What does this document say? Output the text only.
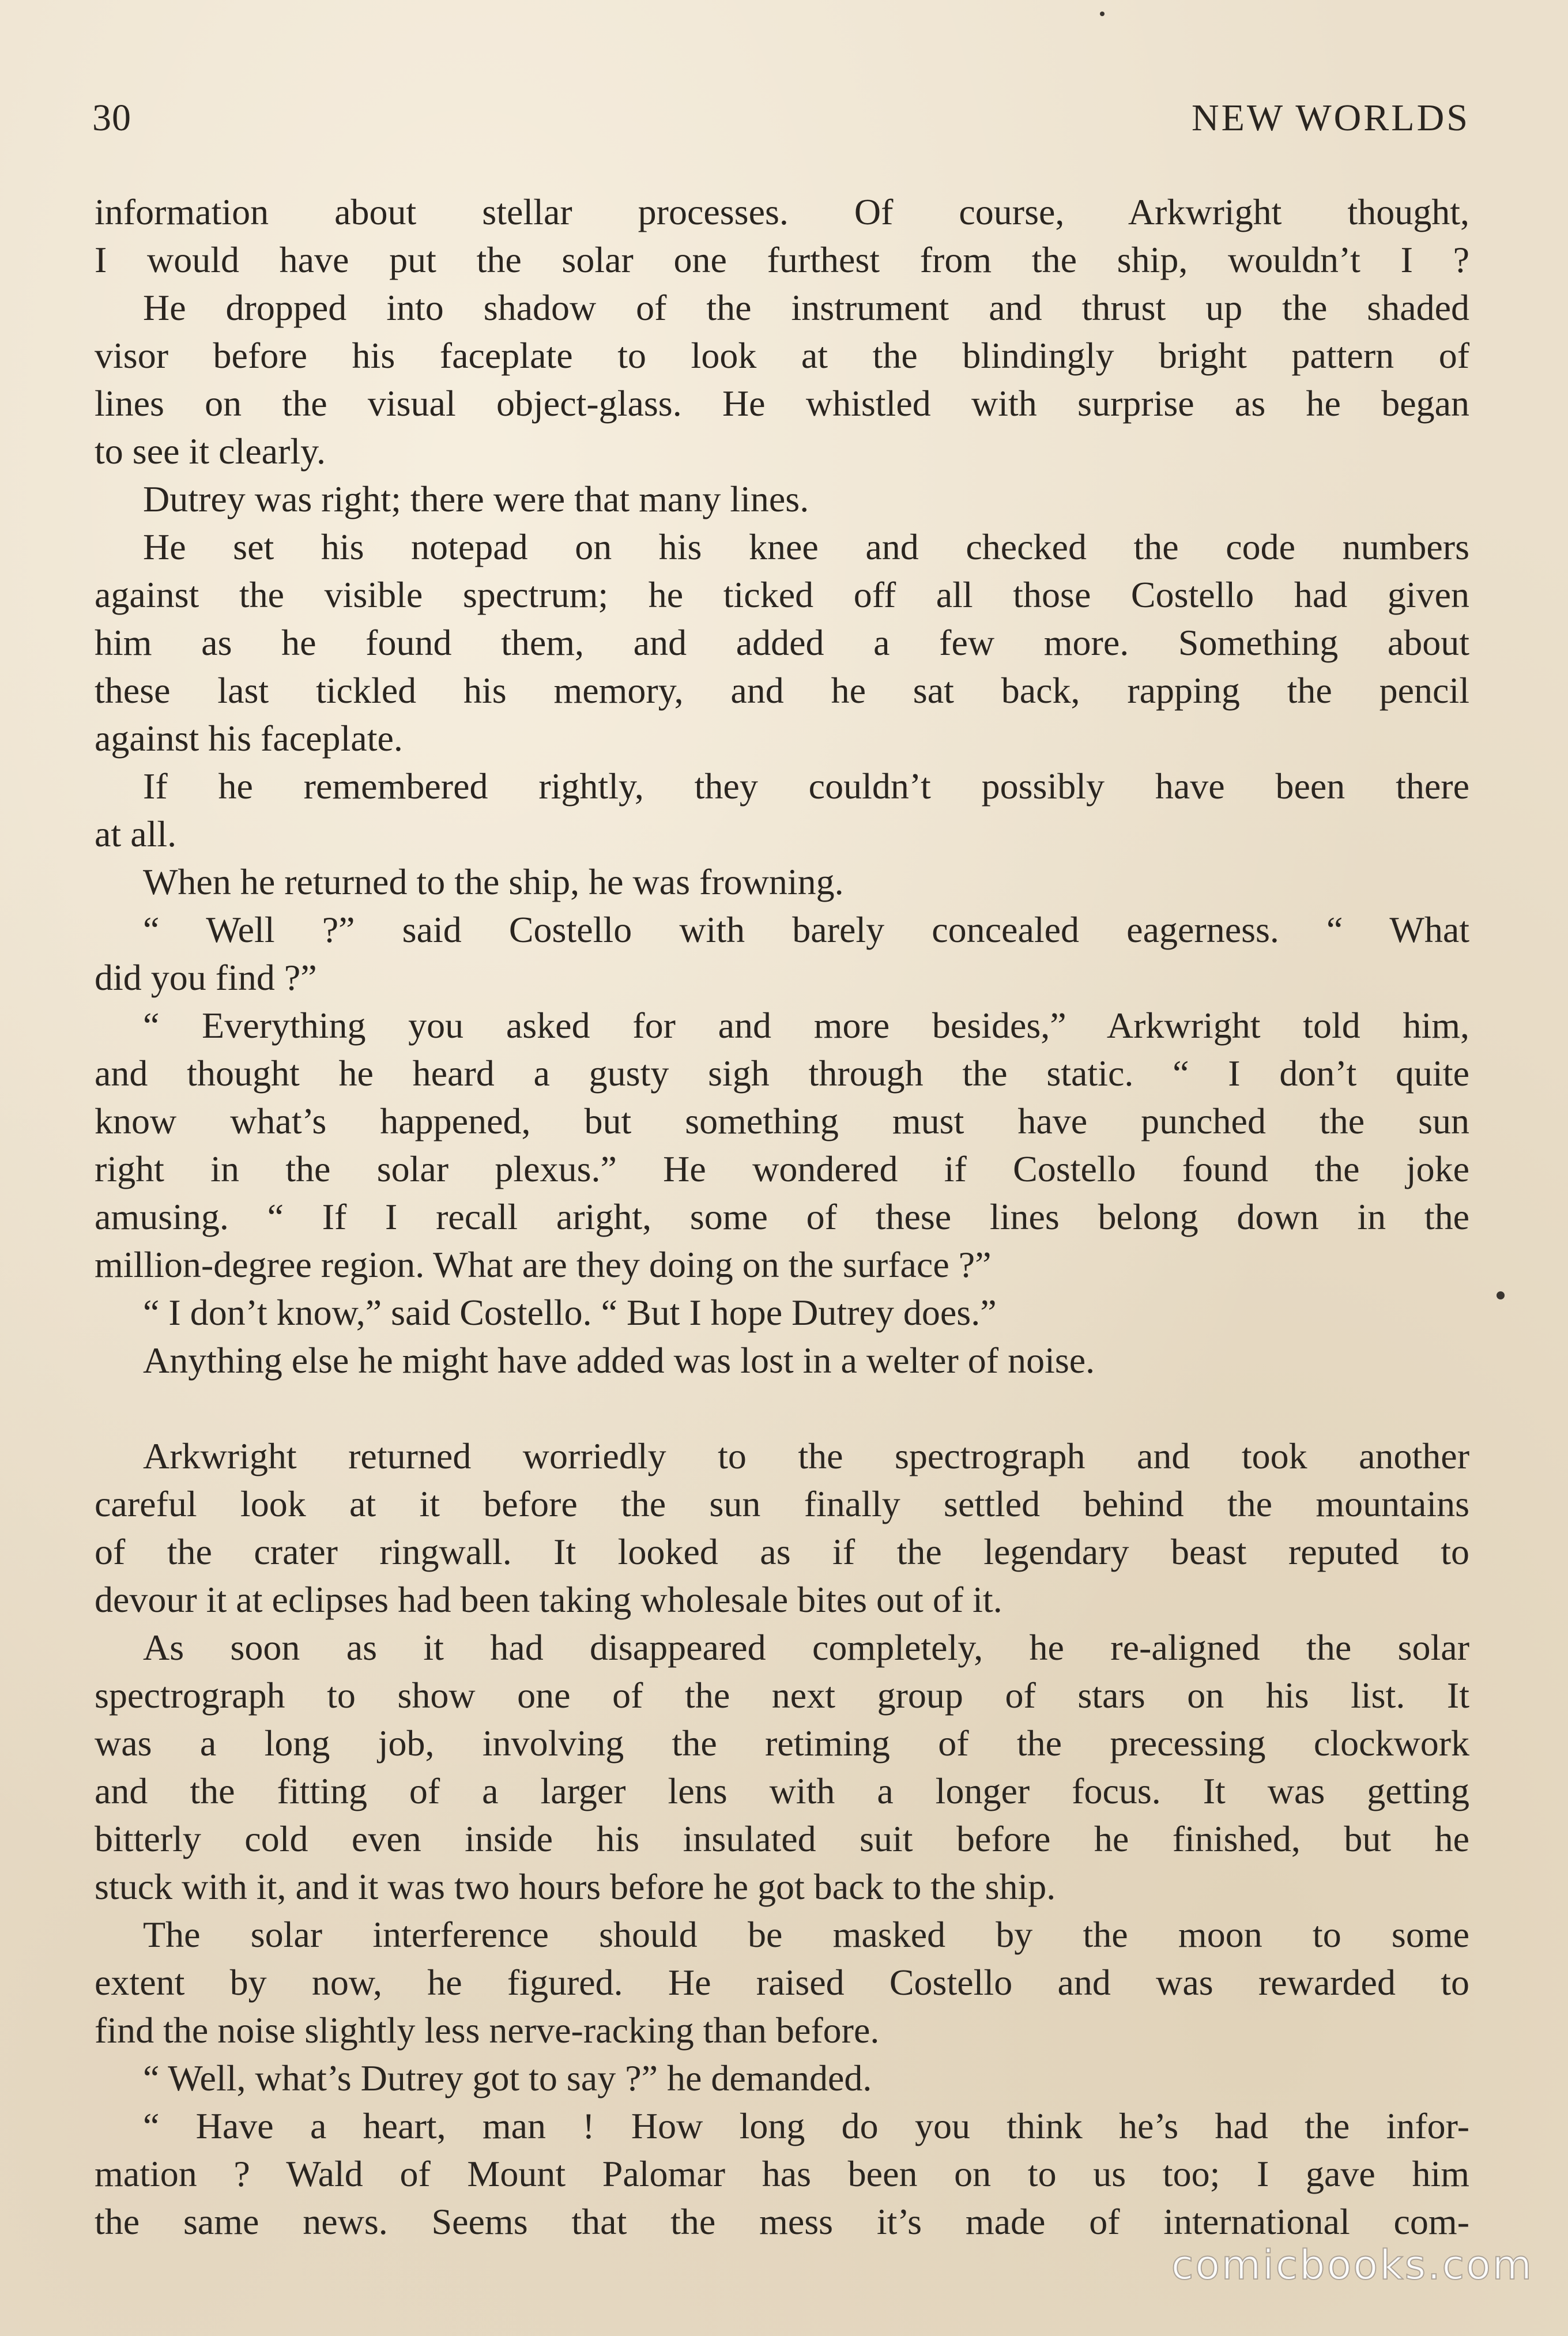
30	NEW WORLDS
information about stellar processes. Of course, Arkwright thought,
I would have put the solar one furthest from the ship, wouldn’t I ?
He dropped into shadow of the instrument and thrust up the shaded
visor before his faceplate to look at the blindingly bright pattern of
lines on the visual object-glass. He whistled with surprise as he began
to see it clearly.
Dutrey was right; there were that many lines.
He set his notepad on his knee and checked the code numbers
against the visible spectrum; he ticked off all those Costello had given
him as he found them, and added a few more. Something about
these last tickled his memory, and he sat back, rapping the pencil
against his faceplate.
If he remembered rightly, they couldn’t possibly have been there
at all.
When he returned to the ship, he was frowning.
“ Well ?” said Costello with barely concealed eagerness. “ What
did you find ?”
“ Everything you asked for and more besides,” Arkwright told him,
and thought he heard a gusty sigh through the static. “ I don’t quite
know what’s happened, but something must have punched the sun
right in the solar plexus.” He wondered if Costello found the joke
amusing. “ If I recall aright, some of these lines belong down in the
million-degree region. What are they doing on the surface ?”
“ I don’t know,” said Costello. “ But I hope Dutrey does.”
Anything else he might have added was lost in a welter of noise.
Arkwright returned worriedly to the spectrograph and took another
careful look at it before the sun finally settled behind the mountains
of the crater ringwall. It looked as if the legendary beast reputed to
devour it at eclipses had been taking wholesale bites out of it.
As soon as it had disappeared completely, he re-aligned the solar
spectrograph to show one of the next group of stars on his list. It
was a long job, involving the retiming of the precessing clockwork
and the fitting of a larger lens with a longer focus. It was getting
bitterly cold even inside his insulated suit before he finished, but he
stuck with it, and it was two hours before he got back to the ship.
The solar interference should be masked by the moon to some
extent by now, he figured. He raised Costello and was rewarded to
find the noise slightly less nerve-racking than before.
“ Well, what’s Dutrey got to say ?” he demanded.
“ Have a heart, man ! How long do you think he’s had the infor-
mation ? Wald of Mount Palomar has been on to us too; I gave him
the same news. Seems that the mess it’s made of international com-
comicbooks.com
